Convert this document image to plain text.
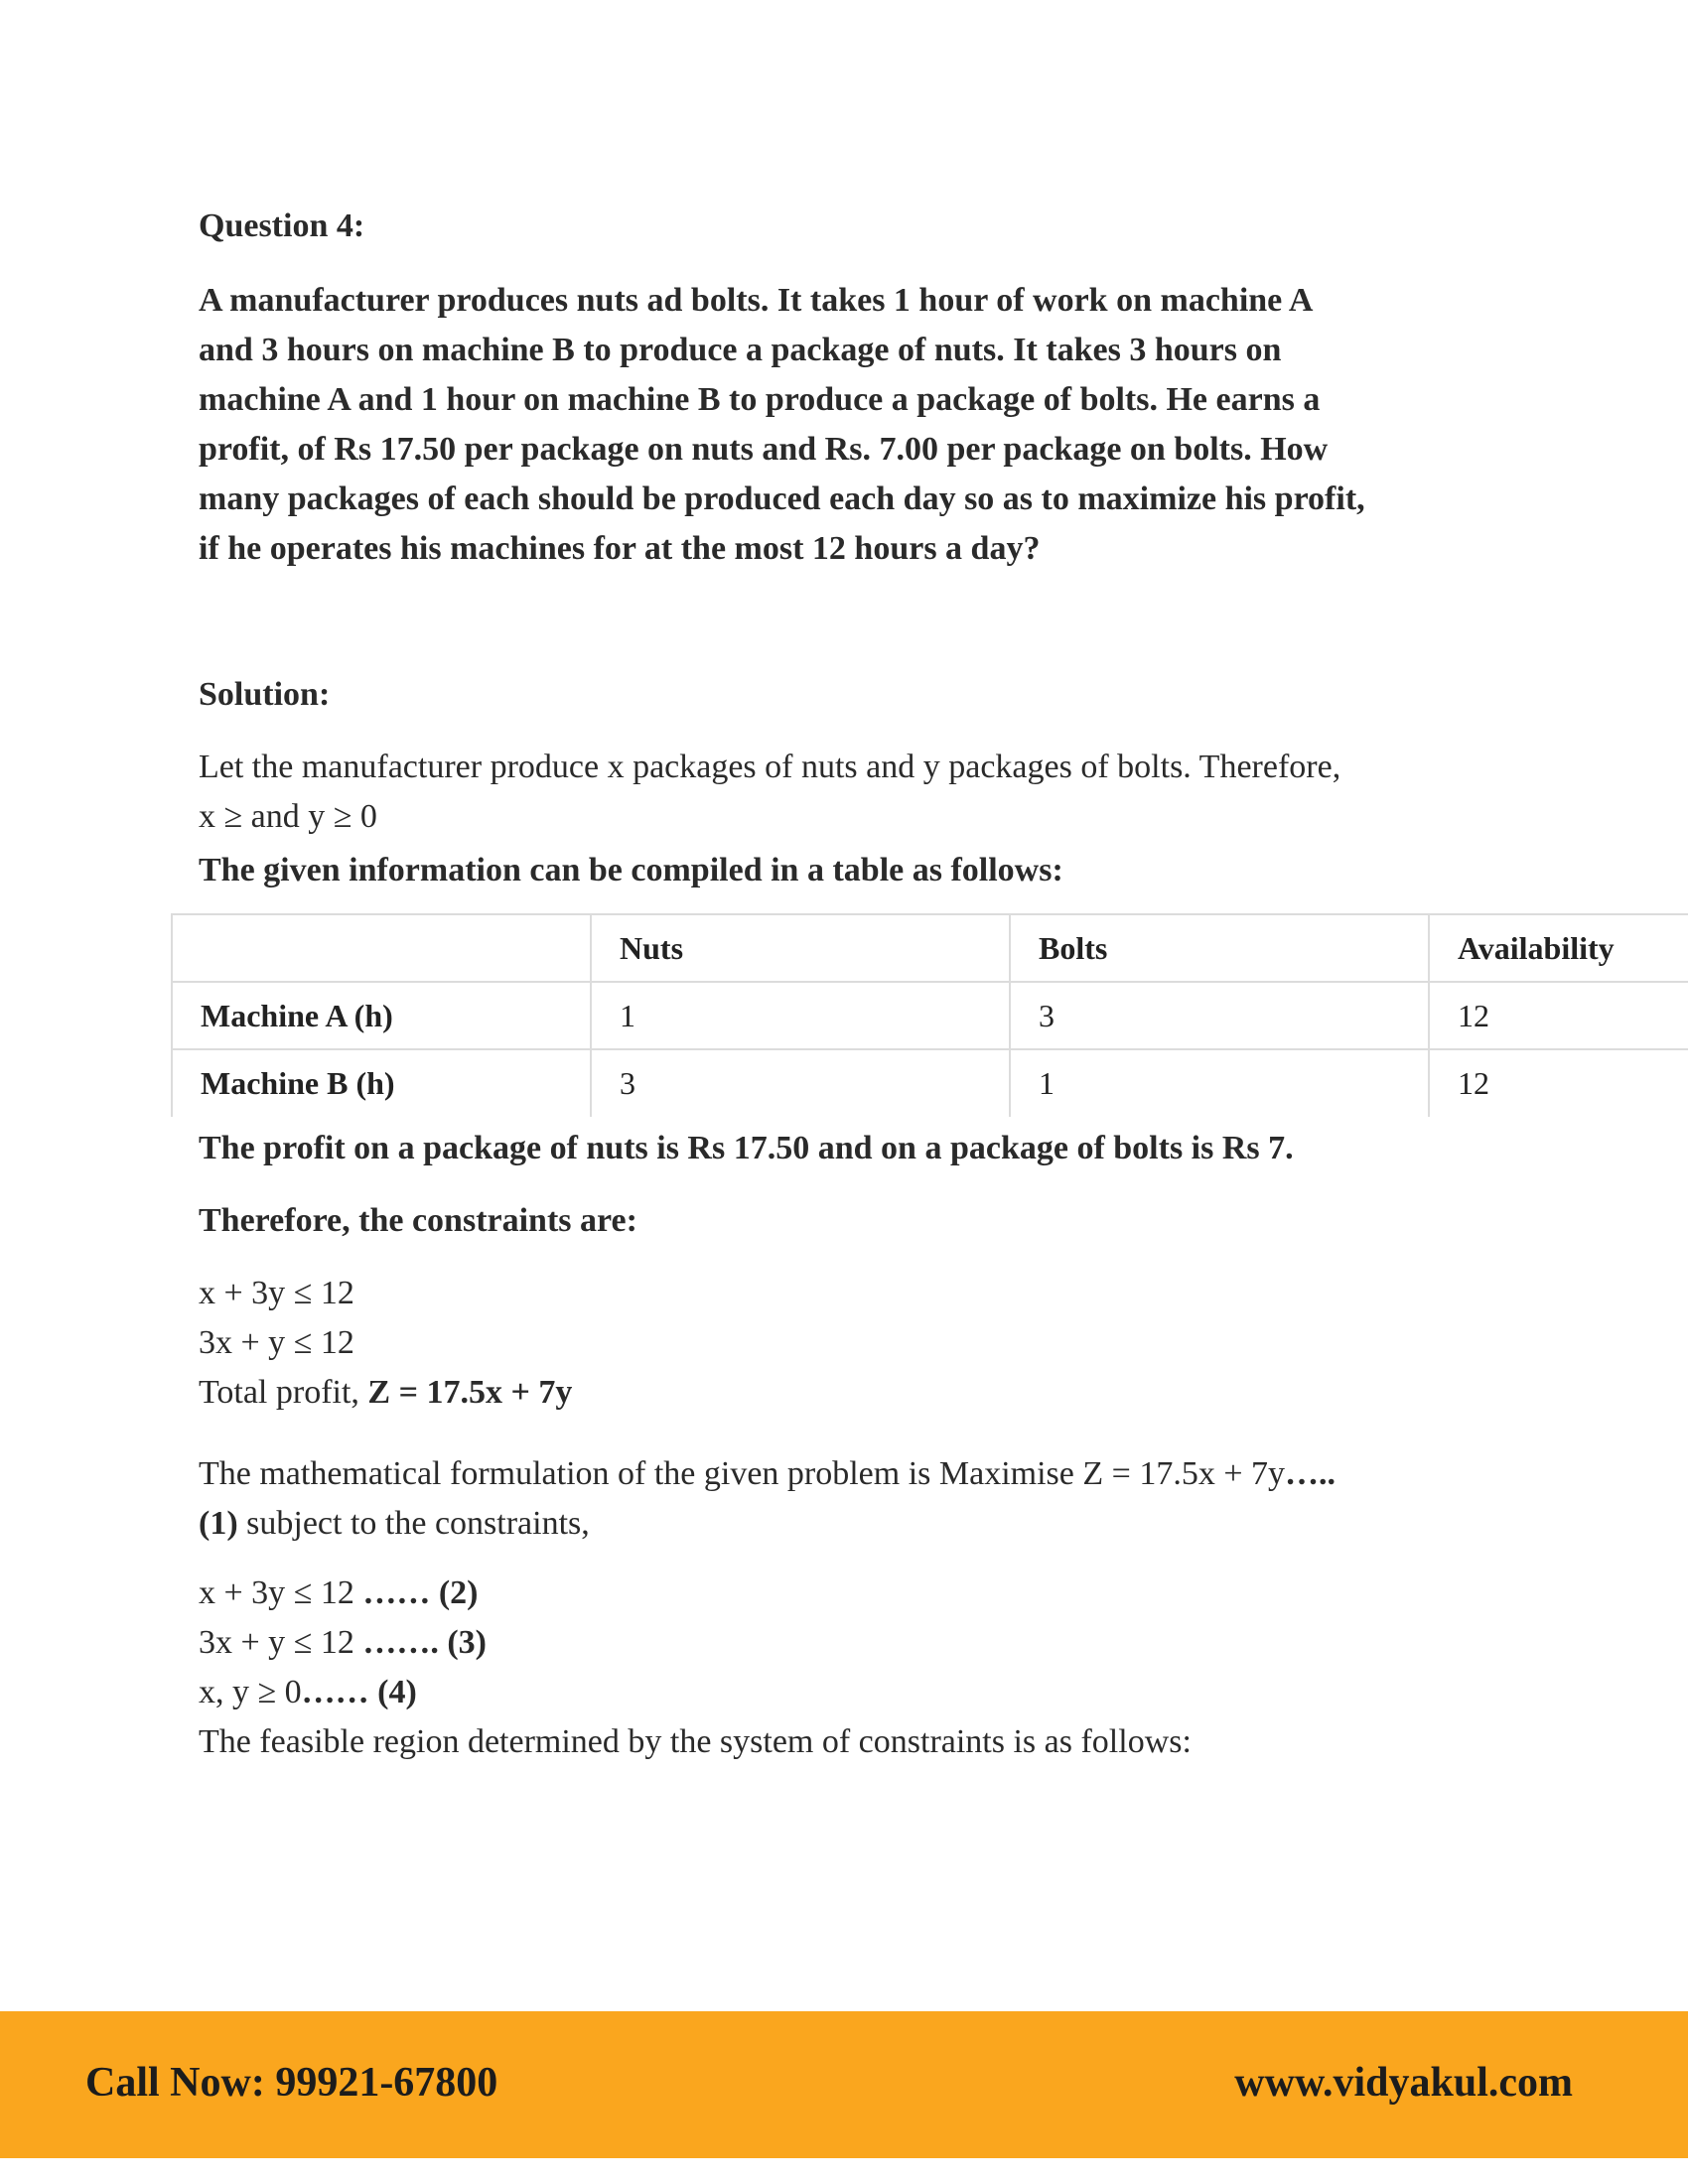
Question 4:
A manufacturer produces nuts ad bolts. It takes 1 hour of work on machine A
and 3 hours on machine B to produce a package of nuts. It takes 3 hours on
machine A and 1 hour on machine B to produce a package of bolts. He earns a
profit, of Rs 17.50 per package on nuts and Rs. 7.00 per package on bolts. How
many packages of each should be produced each day so as to maximize his profit,
if he operates his machines for at the most 12 hours a day?
Solution:
Let the manufacturer produce x packages of nuts and y packages of bolts. Therefore,
x ≥ and y ≥ 0
The given information can be compiled in a table as follows:
The profit on a package of nuts is Rs 17.50 and on a package of bolts is Rs 7.
Therefore, the constraints are:
x + 3y ≤ 12
3x + y ≤ 12
Total profit, Z = 17.5x + 7y
The mathematical formulation of the given problem is Maximise Z = 17.5x + 7y…..
(1) subject to the constraints,
x + 3y ≤ 12 …… (2)
3x + y ≤ 12 ……. (3)
x, y ≥ 0…… (4)
The feasible region determined by the system of constraints is as follows:
	Nuts	Bolts	Availability
Machine A (h)	1	3	12
Machine B (h)	3	1	12
Call Now: 99921-67800	www.vidyakul.com
